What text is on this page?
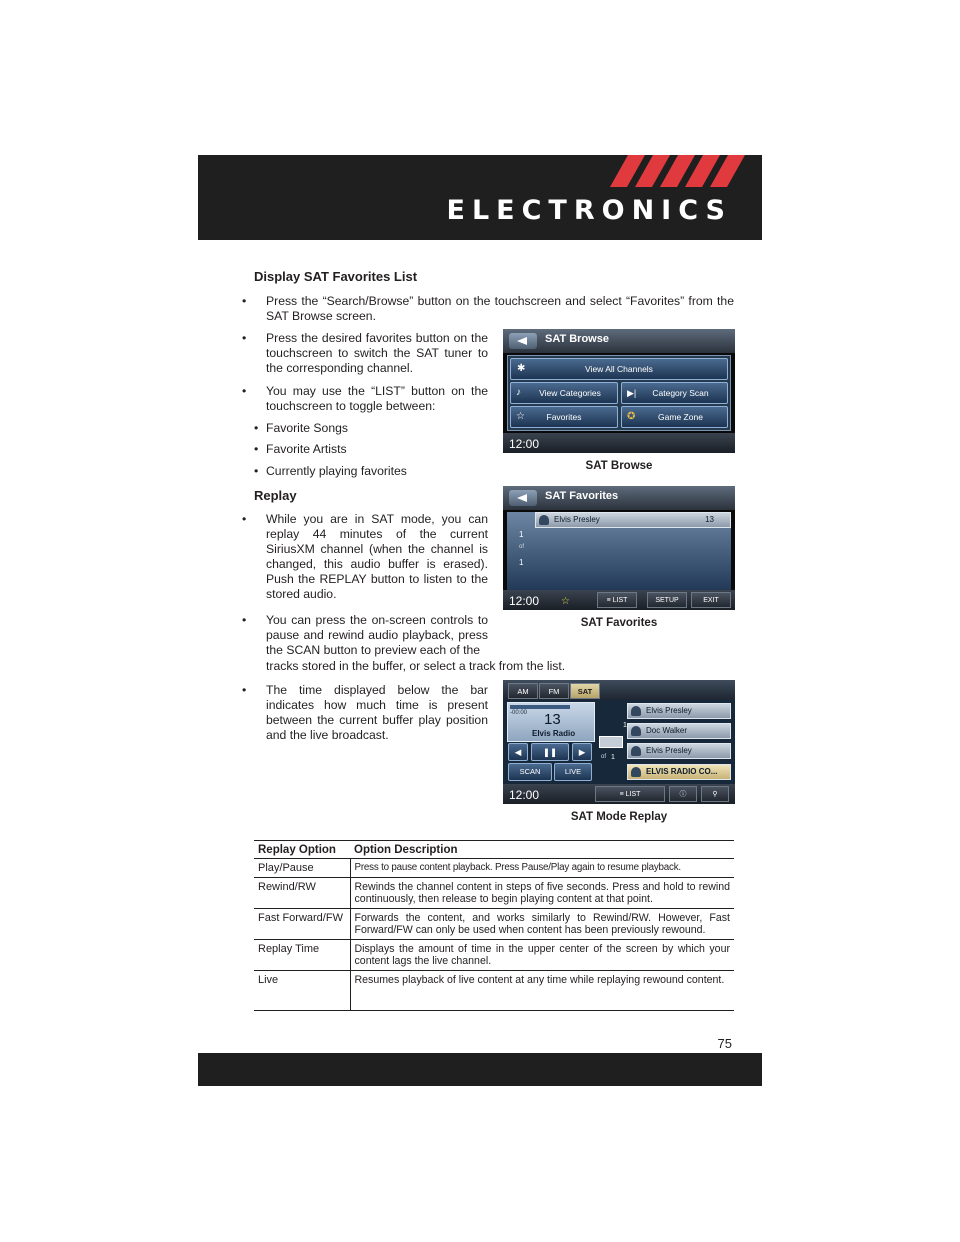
ELECTRONICS
Display SAT Favorites List
• Press the “Search/Browse” button on the touchscreen and select “Favorites” from the SAT Browse screen.
• Press the desired favorites button on the touchscreen to switch the SAT tuner to the corresponding channel.
• You may use the “LIST” button on the touchscreen to toggle between:
• Favorite Songs
• Favorite Artists
• Currently playing favorites
Replay
• While you are in SAT mode, you can replay 44 minutes of the current SiriusXM channel (when the channel is changed, this audio buffer is erased). Push the REPLAY button to listen to the stored audio.
• You can press the on-screen controls to pause and rewind audio playback, press the SCAN button to preview each of the
tracks stored in the buffer, or select a track from the list.
• The time displayed below the bar indicates how much time is present between the current buffer play position and the live broadcast.
SAT Browse
✱	View All Channels
♪ View Categories	▶| Category Scan
☆	Favorites	✪	Game Zone
12:00
SAT Browse
SAT Favorites
Elvis Presley	13
1
of
1
12:00 ☆	≡ LIST	SETUP	EXIT
SAT Favorites
AM	FM	SAT
-00:00 13
Elvis Radio
◀	❚❚	▶
SCAN	LIVE
1
of 1
Elvis Presley
Doc Walker
Elvis Presley
ELVIS RADIO CO...
12:00	≡ LIST	ⓘ	⚲
SAT Mode Replay
Replay Option	Option Description
Play/Pause	Press to pause content playback. Press Pause/Play again to resume playback.
Rewind/RW	Rewinds the channel content in steps of five seconds. Press and hold to rewind continuously, then release to begin playing content at that point.
Fast Forward/FW	Forwards the content, and works similarly to Rewind/RW. However, Fast Forward/FW can only be used when content has been previously rewound.
Replay Time	Displays the amount of time in the upper center of the screen by which your content lags the live channel.
Live	Resumes playback of live content at any time while replaying rewound content.
75
